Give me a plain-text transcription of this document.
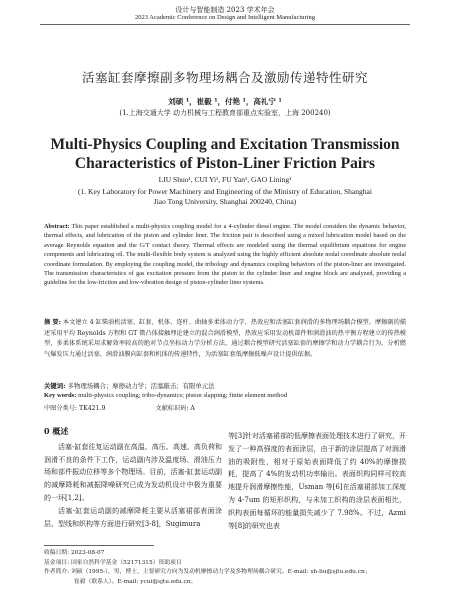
设计与智能制造 2023 学术年会
2023 Academic Conference on Design and Intelligent Manufacturing
活塞缸套摩擦副多物理场耦合及激励传递特性研究
刘硕 ¹，崔毅 ¹，付艳 ¹，高礼宁 ¹
(1.上海交通大学 动力机械与工程教育部重点实验室，上海 200240)
Multi-Physics Coupling and Excitation Transmission
Characteristics of Piston-Liner Friction Pairs
LIU Shuo¹, CUI Yi¹, FU Yan¹, GAO Lining¹
(1. Key Laboratory for Power Machinery and Engineering of the Ministry of Education, Shanghai
Jiao Tong University, Shanghai 200240, China)
Abstract: This paper established a multi-physics coupling model for a 4-cylinder diesel engine. The model considers the dynamic behavior, thermal effects, and lubrication of the piston and cylinder liner. The friction pair is described using a mixed lubrication model based on the average Reynolds equation and the G/T contact theory. Thermal effects are modeled using the thermal equilibrium equations for engine components and lubricating oil. The multi-flexible body system is analyzed using the highly efficient absolute nodal coordinate absolute nodal coordinate formulation. By employing the coupling model, the tribology and dynamics coupling behaviors of the piston-liner are investigated. The transmission characteristics of gas excitation pressure from the piston to the cylinder liner and engine block are analyzed, providing a guideline for the low-friction and low-vibration design of piston-cylinder liner systems.
摘 要: 本文建立 4 缸柴油机活塞、缸套、机体、连杆、曲轴多柔体动力学、热效应和活塞缸套润滑的多物理场耦合模型。摩擦副的描述采用平均 Reynolds 方程和 GT 微凸体接触理论建立的混合润滑模型，热效应采用发动机部件和润滑油的热平衡方程建立的传热模型，多柔体系统采用求解效率较高的绝对节点坐标动力学分析方法，通过耦合模型研究活塞缸套的摩擦学和动力学耦合行为，分析燃气爆发压力通过活塞、润滑油膜向缸套和机体的传递特性，为活塞缸套低摩擦低噪声设计提供依据。
关键词: 多物理场耦合；摩擦动力学；活塞敲击；有限单元法
Key words: multi-physics coupling; tribo-dynamics; piston slapping; finite element method
中图分类号: TK421.9	文献标识码: A
0 概述

活塞-缸套往复运动副在高温、高压、高速、高负荷和润滑不良的条件下工作，运动副内涉及温度场、滑油压力场和部件振动位移等多个物理场。目前，活塞-缸套运动副的减摩降耗和减振降噪研究已成为发动机设计中极为重要的一环[1,2]。

活塞-缸套运动副的减摩降耗主要从活塞裙部表面涂层、型线和织构等方面进行研究[3-8]，Sugimura

等[3]针对活塞裙部的低摩擦表面处理技术进行了研究，开发了一种高强度的表面涂层，由于新的涂层提高了对润滑油的吸附性，相对于原始表面降低了约 40%的摩擦损耗，提高了 4%的发动机功率输出。表面织构同样可较高地提升润滑摩擦性能，Usman 等[6]在活塞裙部加工深度为 4-7um 的矩形织构，与未加工织构的涂层表面相比，织构表面每循环的能量损失减少了 7.98%。不过，Azmi 等[8]的研究也表

收稿日期: 2023-08-07
基金项目: 国家自然科学基金（52171315）资助项目
作者简介: 刘硕（1995-），男，博士，主要研究方向为发动机摩擦动力学及多物理场耦合研究。E-mail: sh-liu@sjtu.edu.cn；
崔毅（联系人）。E-mail: ycui@sjtu.edu.cn。
